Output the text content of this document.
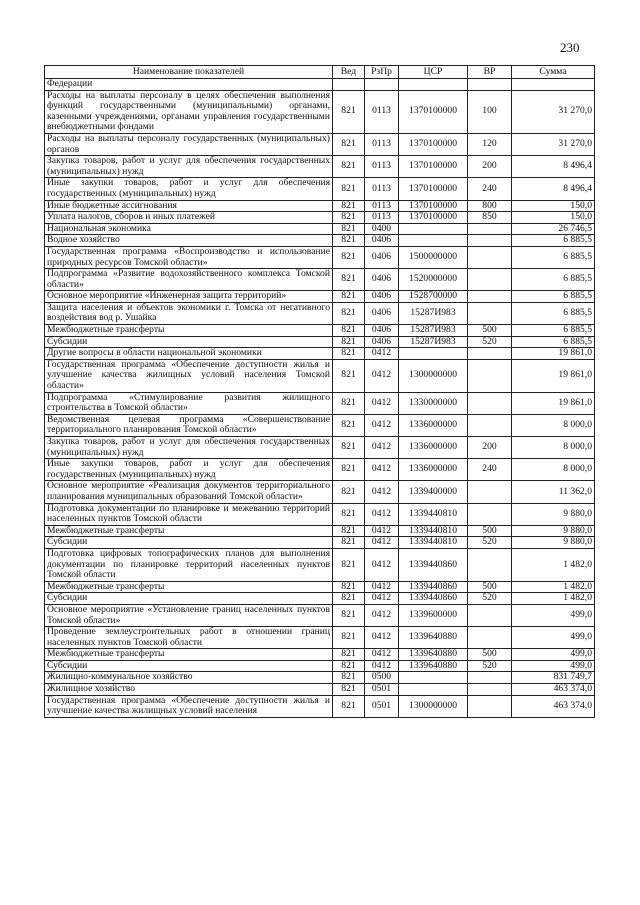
230
Наименование показателей	Вед	РзПр	ЦСР	ВР	Сумма
Федерации					
Расходы на выплаты персоналу в целях обеспечения выполнения функций государственными (муниципальными) органами, казенными учреждениями, органами управления государственными внебюджетными фондами	821	0113	1370100000	100	31 270,0
Расходы на выплаты персоналу государственных (муниципальных) органов	821	0113	1370100000	120	31 270,0
Закупка товаров, работ и услуг для обеспечения государственных (муниципальных) нужд	821	0113	1370100000	200	8 496,4
Иные закупки товаров, работ и услуг для обеспечения государственных (муниципальных) нужд	821	0113	1370100000	240	8 496,4
Иные бюджетные ассигнования	821	0113	1370100000	800	150,0
Уплата налогов, сборов и иных платежей	821	0113	1370100000	850	150,0
Национальная экономика	821	0400			26 746,5
Водное хозяйство	821	0406			6 885,5
Государственная программа «Воспроизводство и использование природных ресурсов Томской области»	821	0406	1500000000		6 885,5
Подпрограмма «Развитие водохозяйственного комплекса Томской области»	821	0406	1520000000		6 885,5
Основное мероприятие «Инженерная защита территорий»	821	0406	1528700000		6 885,5
Защита населения и объектов экономики г. Томска от негативного воздействия вод р. Ушайка	821	0406	15287И983		6 885,5
Межбюджетные трансферты	821	0406	15287И983	500	6 885,5
Субсидии	821	0406	15287И983	520	6 885,5
Другие вопросы в области национальной экономики	821	0412			19 861,0
Государственная программа «Обеспечение доступности жилья и улучшение качества жилищных условий населения Томской области»	821	0412	1300000000		19 861,0
Подпрограмма «Стимулирование развития жилищного строительства в Томской области»	821	0412	1330000000		19 861,0
Ведомственная целевая программа «Совершенствование территориального планирования Томской области»	821	0412	1336000000		8 000,0
Закупка товаров, работ и услуг для обеспечения государственных (муниципальных) нужд	821	0412	1336000000	200	8 000,0
Иные закупки товаров, работ и услуг для обеспечения государственных (муниципальных) нужд	821	0412	1336000000	240	8 000,0
Основное мероприятие «Реализация документов территориального планирования муниципальных образований Томской области»	821	0412	1339400000		11 362,0
Подготовка документации по планировке и межеванию территорий населенных пунктов Томской области	821	0412	1339440810		9 880,0
Межбюджетные трансферты	821	0412	1339440810	500	9 880,0
Субсидии	821	0412	1339440810	520	9 880,0
Подготовка цифровых топографических планов для выполнения документации по планировке территорий населенных пунктов Томской области	821	0412	1339440860		1 482,0
Межбюджетные трансферты	821	0412	1339440860	500	1 482,0
Субсидии	821	0412	1339440860	520	1 482,0
Основное мероприятие «Установление границ населенных пунктов Томской области»	821	0412	1339600000		499,0
Проведение землеустроительных работ в отношении границ населенных пунктов Томской области	821	0412	1339640880		499,0
Межбюджетные трансферты	821	0412	1339640880	500	499,0
Субсидии	821	0412	1339640880	520	499,0
Жилищно-коммунальное хозяйство	821	0500			831 749,7
Жилищное хозяйство	821	0501			463 374,0
Государственная программа «Обеспечение доступности жилья и улучшение качества жилищных условий населения	821	0501	1300000000		463 374,0
